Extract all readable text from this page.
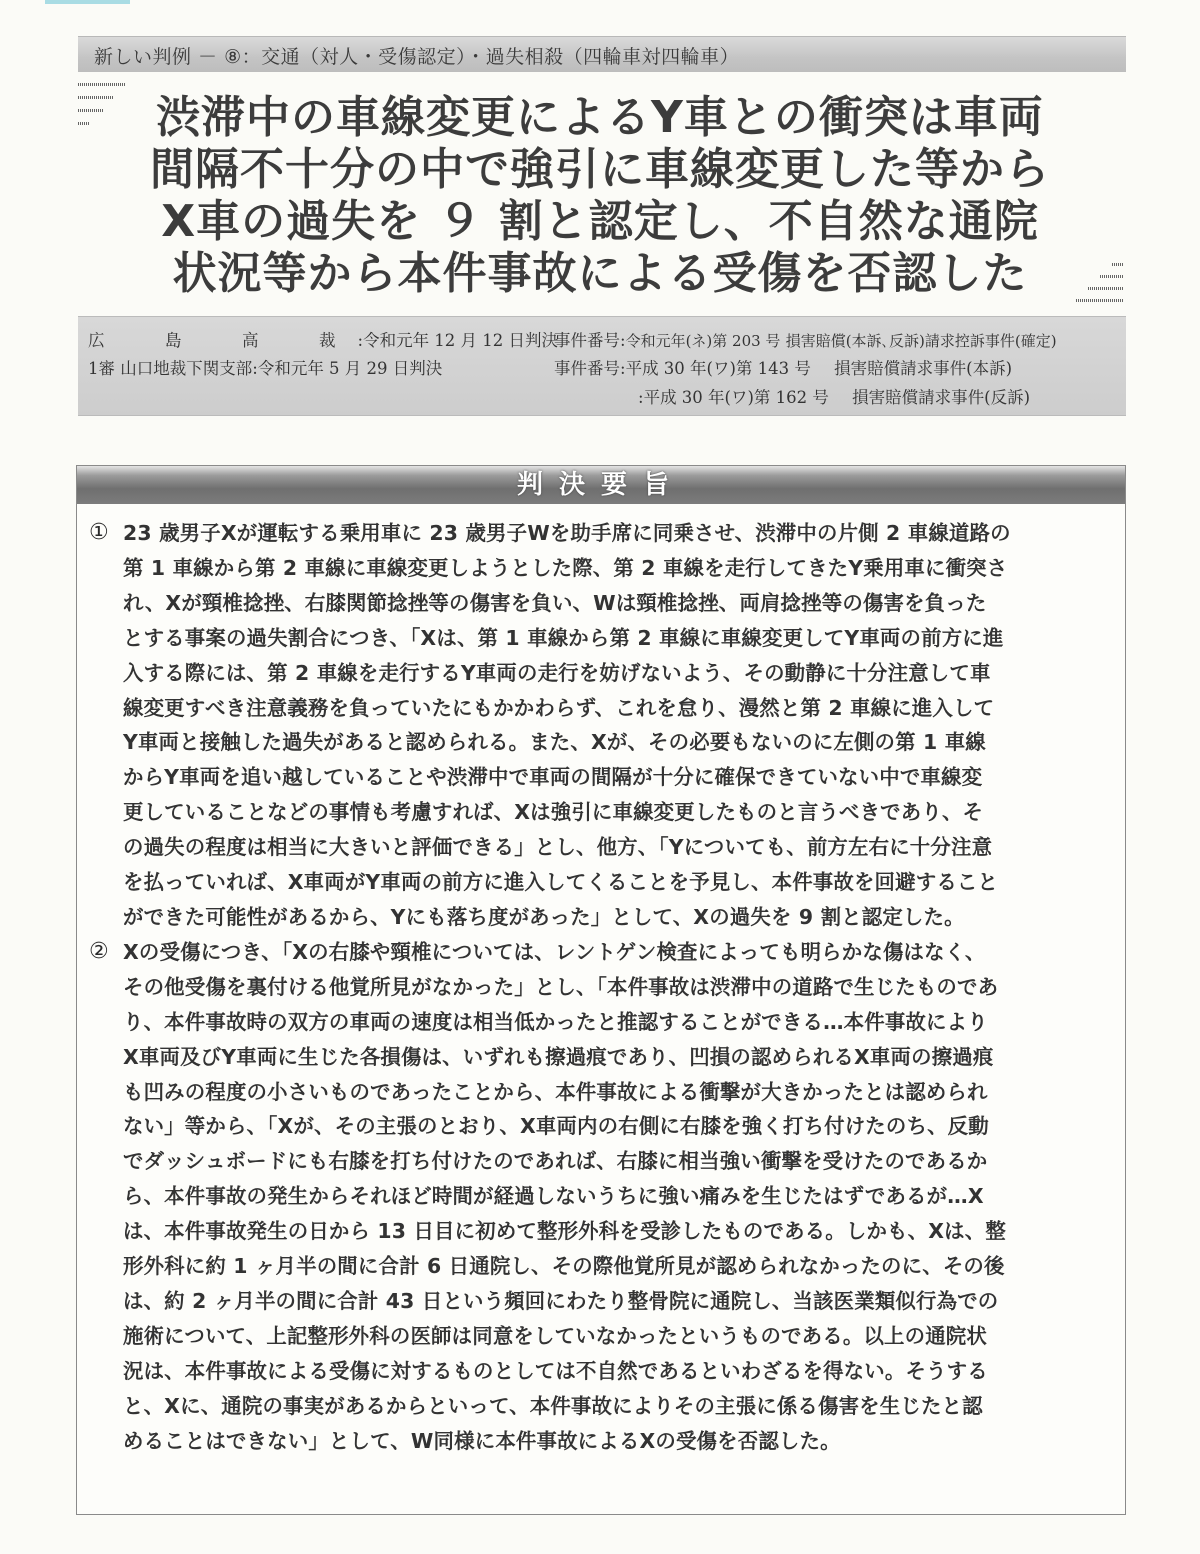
新しい判例 － ⑧：交通（対人・受傷認定）・過失相殺（四輪車対四輪車）
渋滞中の車線変更によるY車との衝突は車両
間隔不十分の中で強引に車線変更した等から
X車の過失を ９ 割と認定し、不自然な通院
状況等から本件事故による受傷を否認した
広　島　高　裁:令和元年 12 月 12 日判決
事件番号:令和元年(ネ)第 203 号 損害賠償(本訴､反訴)請求控訴事件(確定)
1審 山口地裁下関支部:令和元年 5 月 29 日判決	事件番号:平成 30 年(ワ)第 143 号 損害賠償請求事件(本訴)
:平成 30 年(ワ)第 162 号 損害賠償請求事件(反訴)
判決要旨
① 23 歳男子Xが運転する乗用車に 23 歳男子Wを助手席に同乗させ、渋滞中の片側 2 車線道路の
第 1 車線から第 2 車線に車線変更しようとした際、第 2 車線を走行してきたY乗用車に衝突さ
れ、Xが頸椎捻挫、右膝関節捻挫等の傷害を負い、Wは頸椎捻挫、両肩捻挫等の傷害を負った
とする事案の過失割合につき、「Xは、第 1 車線から第 2 車線に車線変更してY車両の前方に進
入する際には、第 2 車線を走行するY車両の走行を妨げないよう、その動静に十分注意して車
線変更すべき注意義務を負っていたにもかかわらず、これを怠り、漫然と第 2 車線に進入して
Y車両と接触した過失があると認められる。また、Xが、その必要もないのに左側の第 1 車線
からY車両を追い越していることや渋滞中で車両の間隔が十分に確保できていない中で車線変
更していることなどの事情も考慮すれば、Xは強引に車線変更したものと言うべきであり、そ
の過失の程度は相当に大きいと評価できる」とし、他方、「Yについても、前方左右に十分注意
を払っていれば、X車両がY車両の前方に進入してくることを予見し、本件事故を回避すること
ができた可能性があるから、Yにも落ち度があった」として、Xの過失を 9 割と認定した。
② Xの受傷につき、「Xの右膝や頸椎については、レントゲン検査によっても明らかな傷はなく、
その他受傷を裏付ける他覚所見がなかった」とし、「本件事故は渋滞中の道路で生じたものであ
り、本件事故時の双方の車両の速度は相当低かったと推認することができる…本件事故により
X車両及びY車両に生じた各損傷は、いずれも擦過痕であり、凹損の認められるX車両の擦過痕
も凹みの程度の小さいものであったことから、本件事故による衝撃が大きかったとは認められ
ない」等から、「Xが、その主張のとおり、X車両内の右側に右膝を強く打ち付けたのち、反動
でダッシュボードにも右膝を打ち付けたのであれば、右膝に相当強い衝撃を受けたのであるか
ら、本件事故の発生からそれほど時間が経過しないうちに強い痛みを生じたはずであるが…X
は、本件事故発生の日から 13 日目に初めて整形外科を受診したものである。しかも、Xは、整
形外科に約 1 ヶ月半の間に合計 6 日通院し、その際他覚所見が認められなかったのに、その後
は、約 2 ヶ月半の間に合計 43 日という頻回にわたり整骨院に通院し、当該医業類似行為での
施術について、上記整形外科の医師は同意をしていなかったというものである。以上の通院状
況は、本件事故による受傷に対するものとしては不自然であるといわざるを得ない。そうする
と、Xに、通院の事実があるからといって、本件事故によりその主張に係る傷害を生じたと認
めることはできない」として、W同様に本件事故によるXの受傷を否認した。
